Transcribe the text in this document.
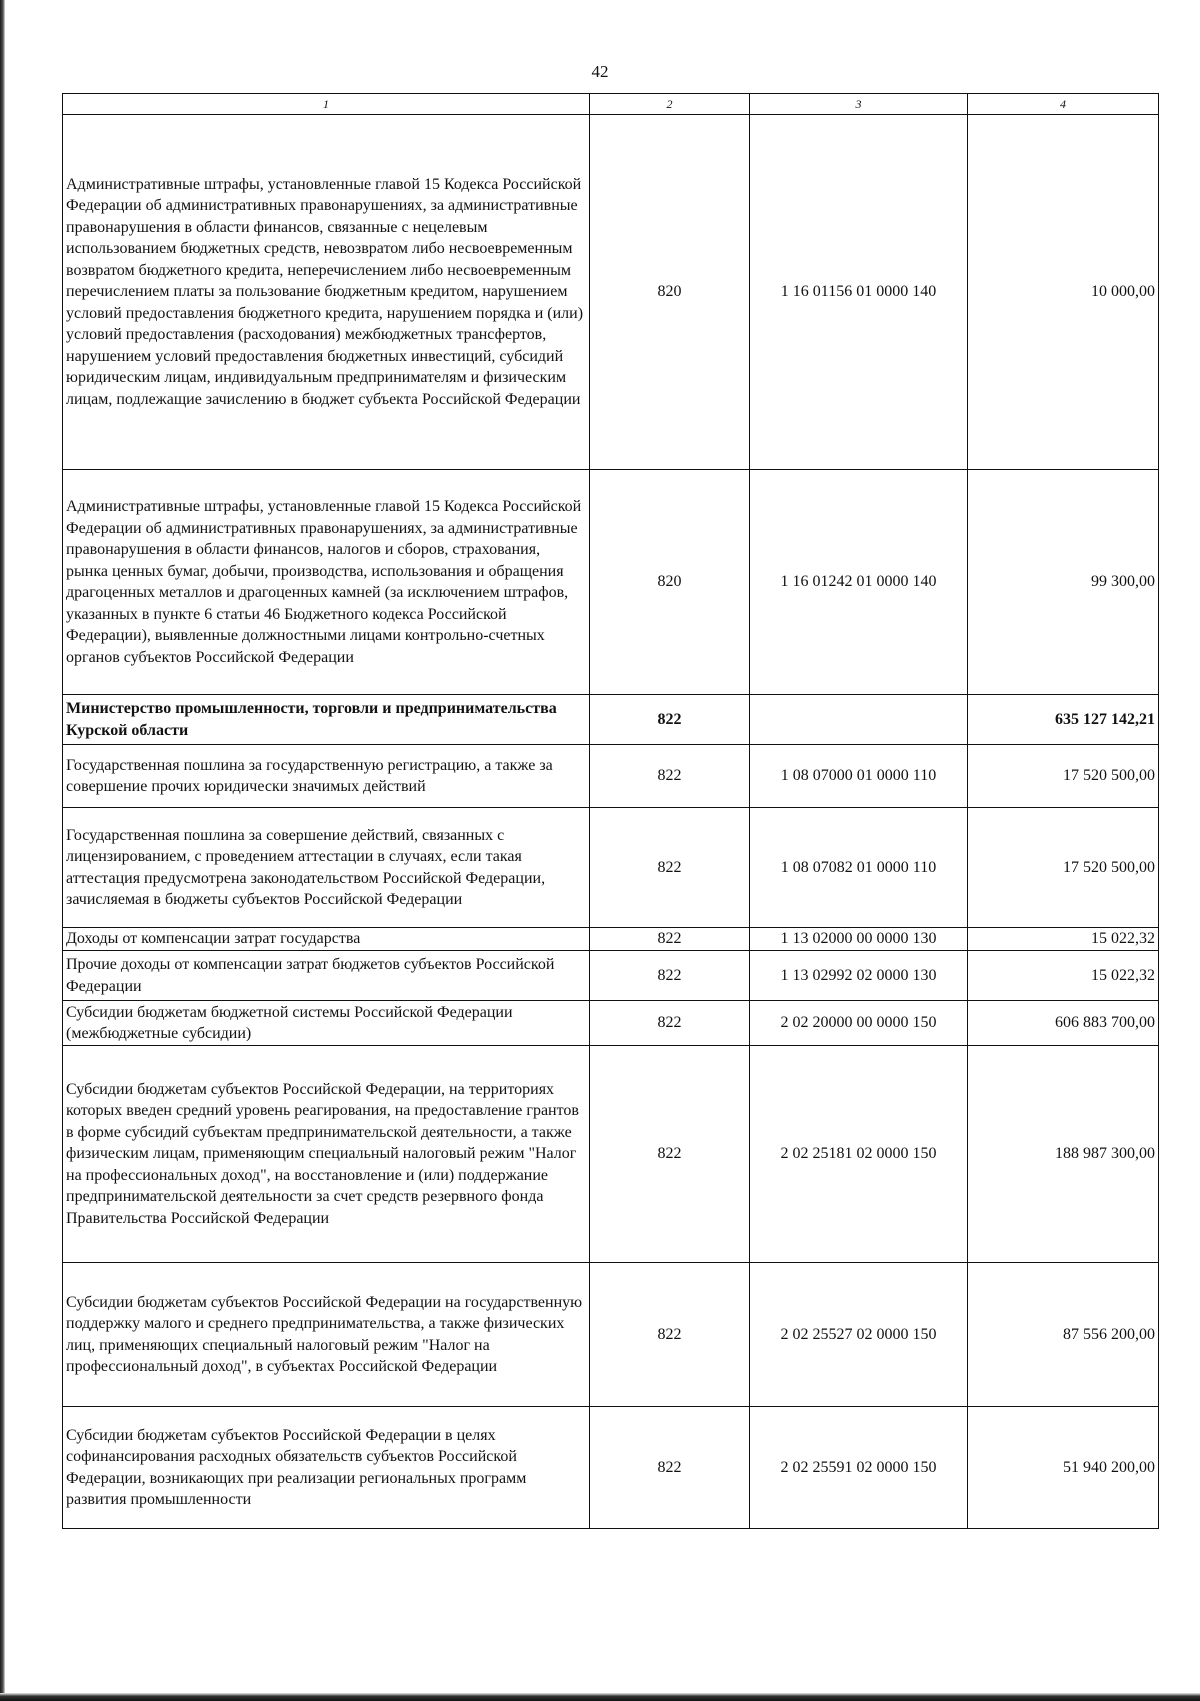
42
1	2	3	4
Административные штрафы, установленные главой 15 Кодекса Российской Федерации об административных правонарушениях, за административные правонарушения в области финансов, связанные с нецелевым использованием бюджетных средств, невозвратом либо несвоевременным возвратом бюджетного кредита, неперечислением либо несвоевременным перечислением платы за пользование бюджетным кредитом, нарушением условий предоставления бюджетного кредита, нарушением порядка и (или) условий предоставления (расходования) межбюджетных трансфертов, нарушением условий предоставления бюджетных инвестиций, субсидий юридическим лицам, индивидуальным предпринимателям и физическим лицам, подлежащие зачислению в бюджет субъекта Российской Федерации	820	1 16 01156 01 0000 140	10 000,00
Административные штрафы, установленные главой 15 Кодекса Российской Федерации об административных правонарушениях, за административные правонарушения в области финансов, налогов и сборов, страхования, рынка ценных бумаг, добычи, производства, использования и обращения драгоценных металлов и драгоценных камней (за исключением штрафов, указанных в пункте 6 статьи 46 Бюджетного кодекса Российской Федерации), выявленные должностными лицами контрольно-счетных органов субъектов Российской Федерации	820	1 16 01242 01 0000 140	99 300,00
Министерство промышленности, торговли и предпринимательства Курской области	822		635 127 142,21
Государственная пошлина за государственную регистрацию, а также за совершение прочих юридически значимых действий	822	1 08 07000 01 0000 110	17 520 500,00
Государственная пошлина за совершение действий, связанных с лицензированием, с проведением аттестации в случаях, если такая аттестация предусмотрена законодательством Российской Федерации, зачисляемая в бюджеты субъектов Российской Федерации	822	1 08 07082 01 0000 110	17 520 500,00
Доходы от компенсации затрат государства	822	1 13 02000 00 0000 130	15 022,32
Прочие доходы от компенсации затрат бюджетов субъектов Российской Федерации	822	1 13 02992 02 0000 130	15 022,32
Субсидии бюджетам бюджетной системы Российской Федерации (межбюджетные субсидии)	822	2 02 20000 00 0000 150	606 883 700,00
Субсидии бюджетам субъектов Российской Федерации, на территориях которых введен средний уровень реагирования, на предоставление грантов в форме субсидий субъектам предпринимательской деятельности, а также физическим лицам, применяющим специальный налоговый режим "Налог на профессиональных доход", на восстановление и (или) поддержание предпринимательской деятельности за счет средств резервного фонда Правительства Российской Федерации	822	2 02 25181 02 0000 150	188 987 300,00
Субсидии бюджетам субъектов Российской Федерации на государственную поддержку малого и среднего предпринимательства, а также физических лиц, применяющих специальный налоговый режим "Налог на профессиональный доход", в субъектах Российской Федерации	822	2 02 25527 02 0000 150	87 556 200,00
Субсидии бюджетам субъектов Российской Федерации в целях софинансирования расходных обязательств субъектов Российской Федерации, возникающих при реализации региональных программ развития промышленности	822	2 02 25591 02 0000 150	51 940 200,00
